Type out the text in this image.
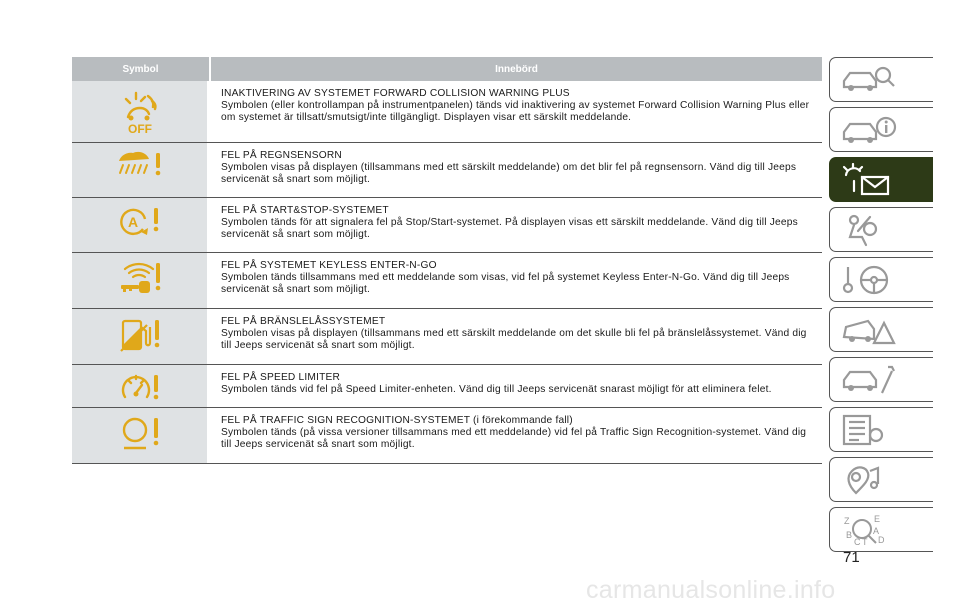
Symbol	Innebörd
OFF
INAKTIVERING AV SYSTEMET FORWARD COLLISION WARNING PLUS
Symbolen (eller kontrollampan på instrumentpanelen) tänds vid inaktivering av systemet Forward Collision Warning Plus eller om systemet är tillsatt/smutsigt/inte tillgängligt. Displayen visar ett särskilt meddelande.
FEL PÅ REGNSENSORN
Symbolen visas på displayen (tillsammans med ett särskilt meddelande) om det blir fel på regnsensorn. Vänd dig till Jeeps servicenät så snart som möjligt.
A
FEL PÅ START&STOP-SYSTEMET
Symbolen tänds för att signalera fel på Stop/Start-systemet. På displayen visas ett särskilt meddelande. Vänd dig till Jeeps servicenät så snart som möjligt.
FEL PÅ SYSTEMET KEYLESS ENTER-N-GO
Symbolen tänds tillsammans med ett meddelande som visas, vid fel på systemet Keyless Enter-N-Go. Vänd dig till Jeeps servicenät så snart som möjligt.
FEL PÅ BRÄNSLELÅSSYSTEMET
Symbolen visas på displayen (tillsammans med ett särskilt meddelande om det skulle bli fel på bränslelåssystemet. Vänd dig till Jeeps servicenät så snart som möjligt.
FEL PÅ SPEED LIMITER
Symbolen tänds vid fel på Speed Limiter-enheten. Vänd dig till Jeeps servicenät snarast möjligt för att eliminera felet.
FEL PÅ TRAFFIC SIGN RECOGNITION-SYSTEMET (i förekommande fall)
Symbolen tänds (på vissa versioner tillsammans med ett meddelande) vid fel på Traffic Sign Recognition-systemet. Vänd dig till Jeeps servicenät så snart som möjligt.
Z	E
B A
C D
T
71
carmanualsonline.info
